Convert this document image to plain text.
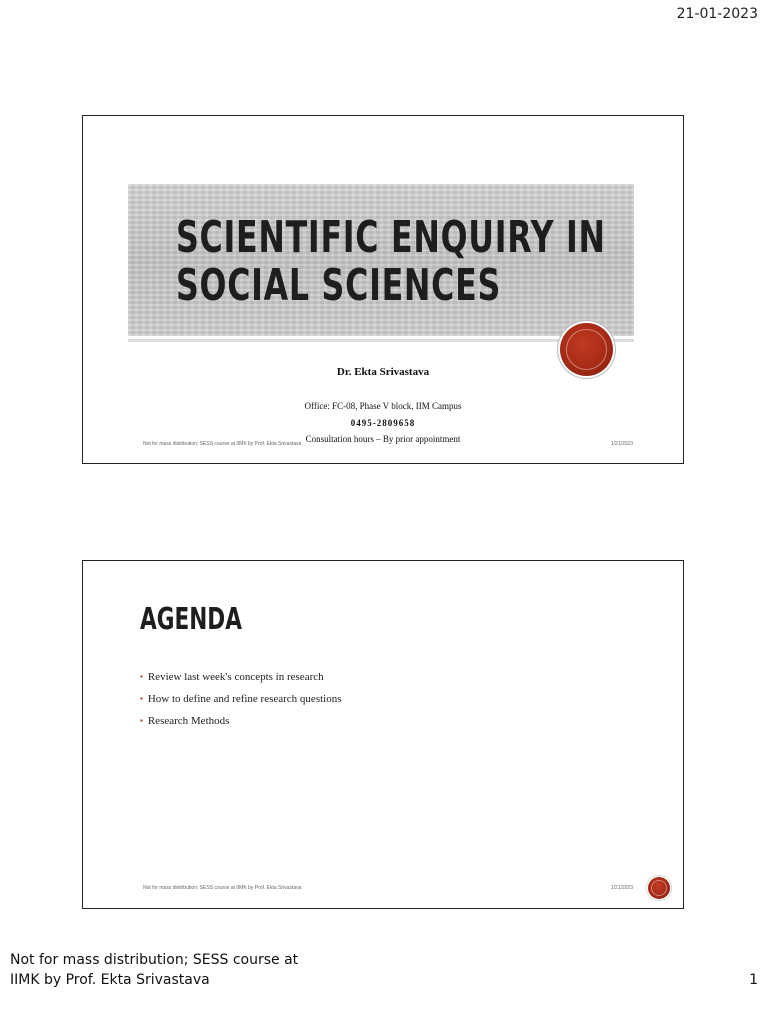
21-01-2023
SCIENTIFIC ENQUIRY IN
SOCIAL SCIENCES
Dr. Ekta Srivastava
Office: FC-08, Phase V block, IIM Campus
0495-2809658
Consultation hours – By prior appointment
Not for mass distribution; SESS course at IIMK by Prof. Ekta Srivastava	1/21/2023
AGENDA
▪ Review last week's concepts in research
▪ How to define and refine research questions
▪ Research Methods
Not for mass distribution; SESS course at IIMK by Prof. Ekta Srivastava	1/21/2023
Not for mass distribution; SESS course at
IIMK by Prof. Ekta Srivastava	1
